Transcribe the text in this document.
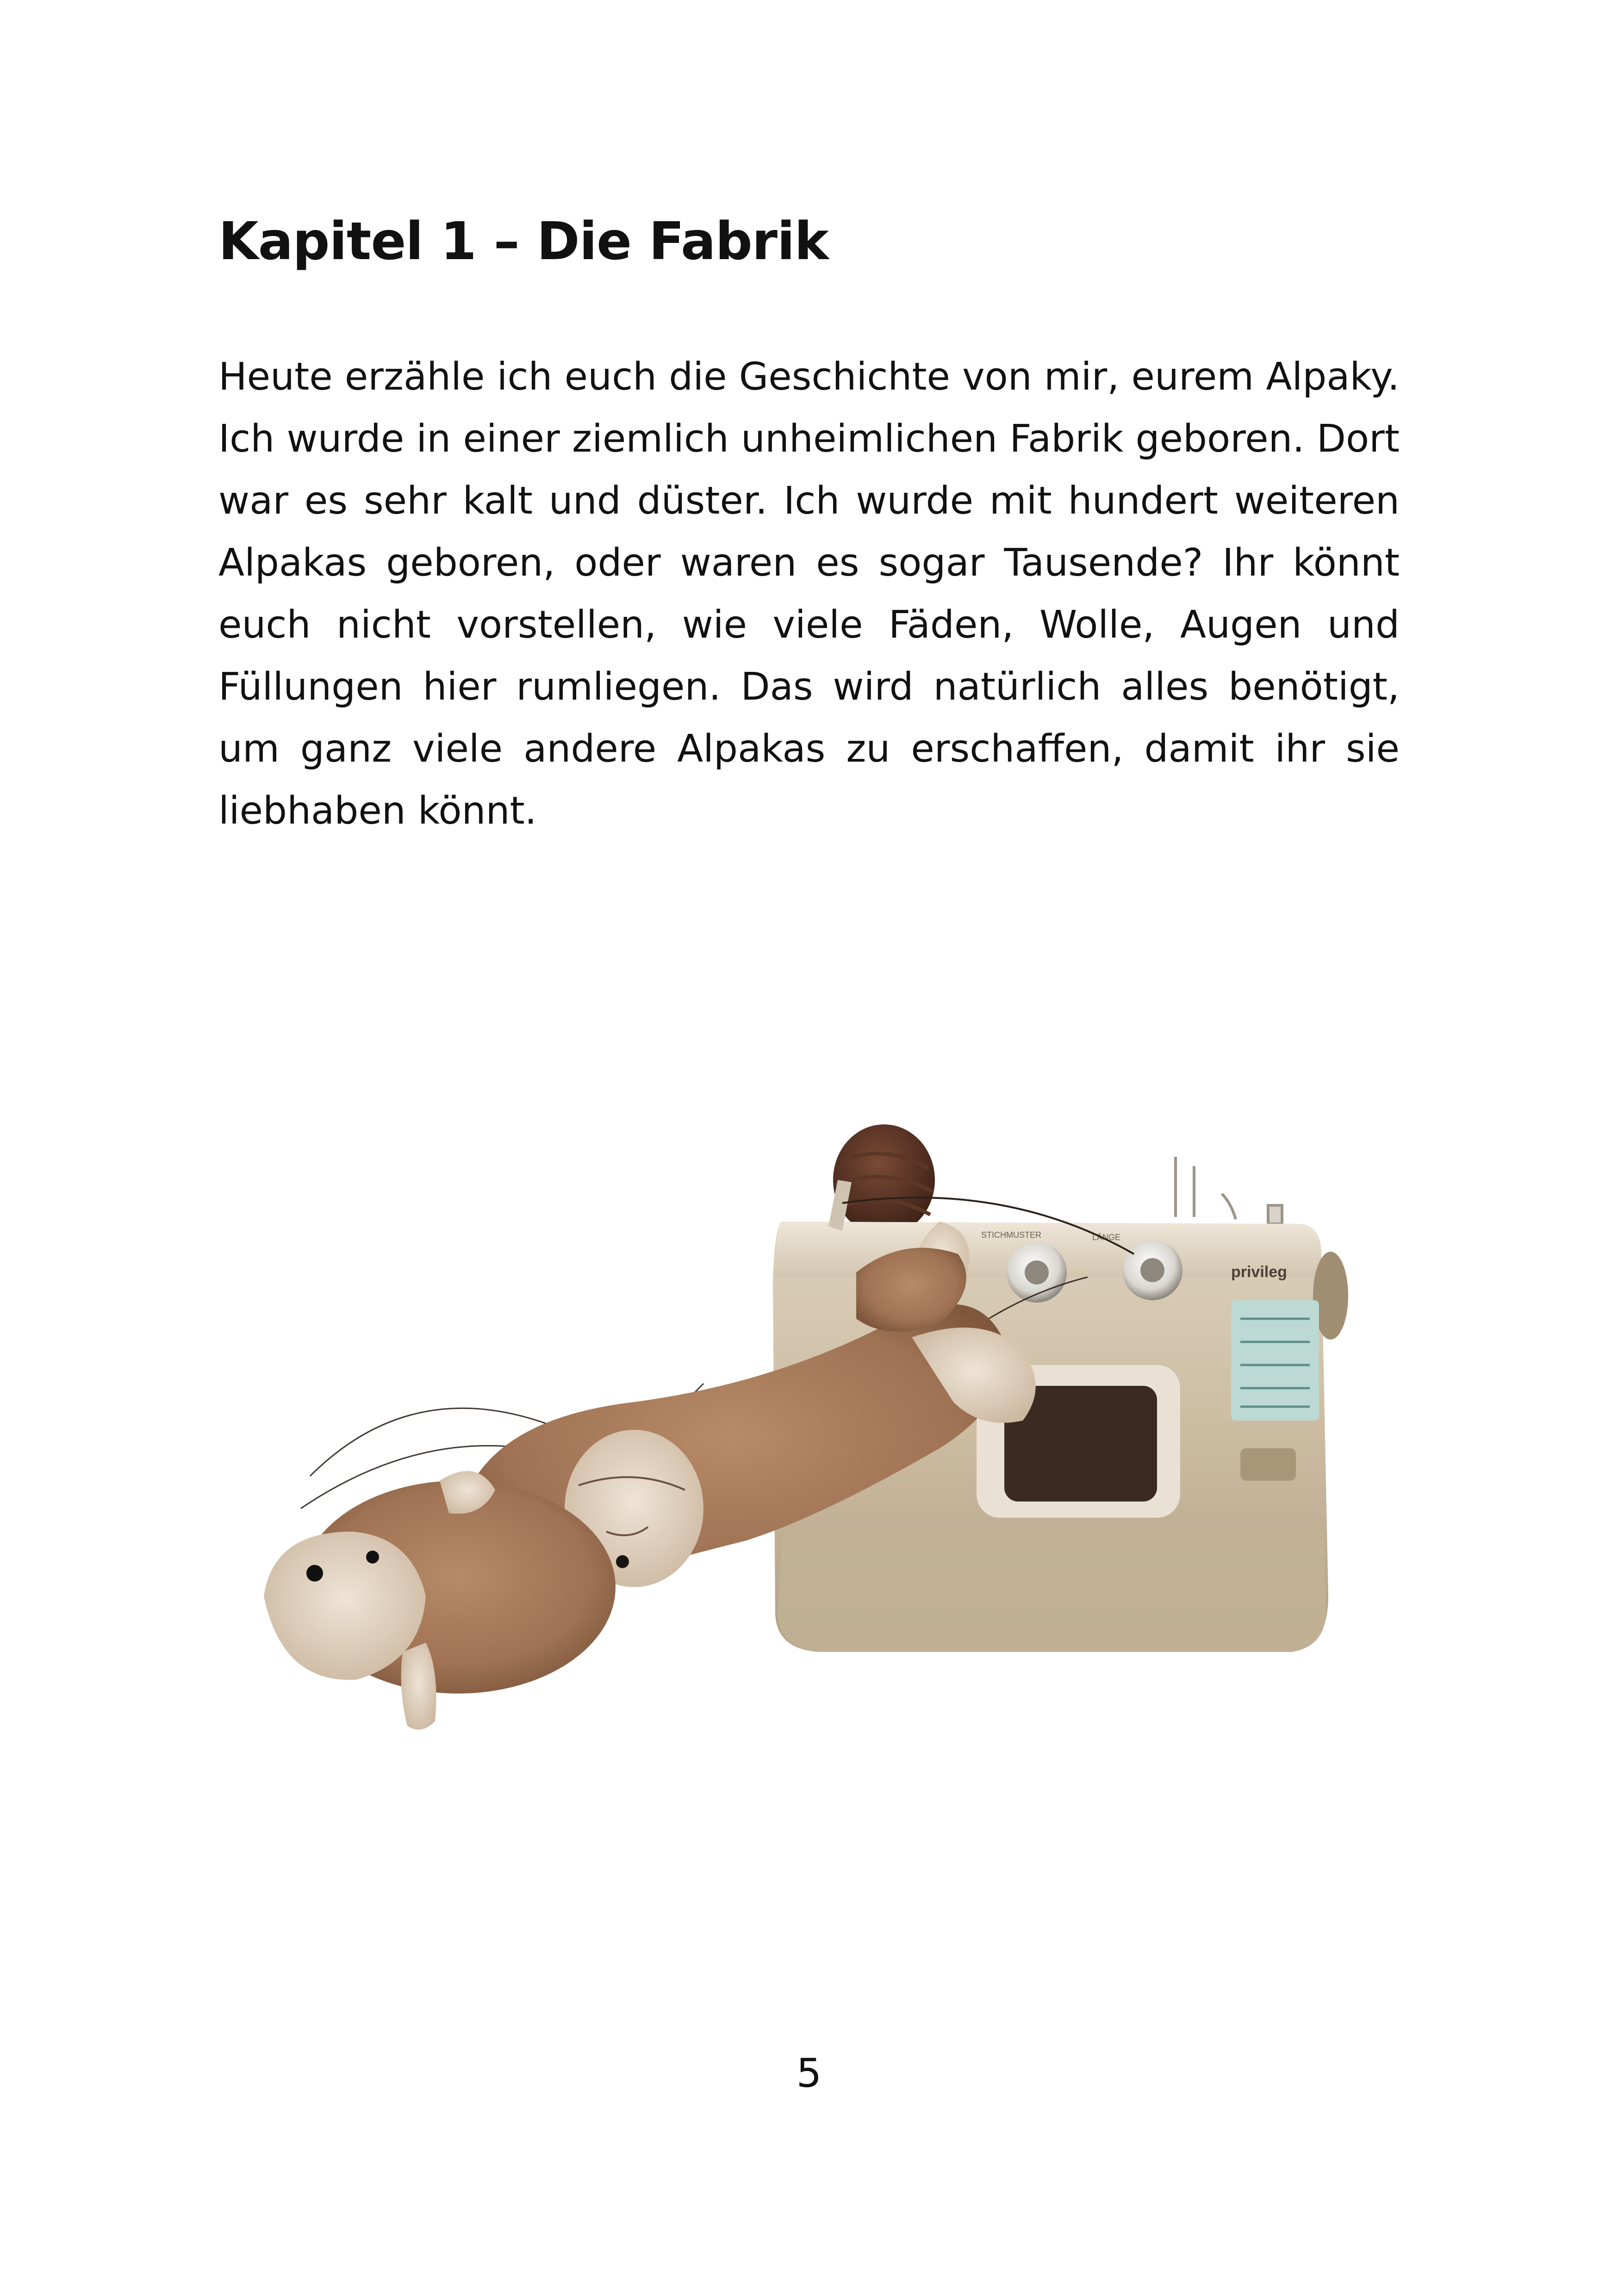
Kapitel 1 – Die Fabrik

Heute erzähle ich euch die Geschichte von mir, eurem Alpaky. Ich wurde in einer ziemlich unheimlichen Fabrik geboren. Dort war es sehr kalt und düster. Ich wurde mit hundert weiteren Alpakas geboren, oder waren es sogar Tausende? Ihr könnt euch nicht vorstellen, wie viele Fäden, Wolle, Augen und Füllungen hier rumliegen. Das wird natürlich alles benötigt, um ganz viele andere Alpakas zu erschaffen, damit ihr sie liebhaben könnt.

STICHMUSTER	LÄNGE
privileg
5
